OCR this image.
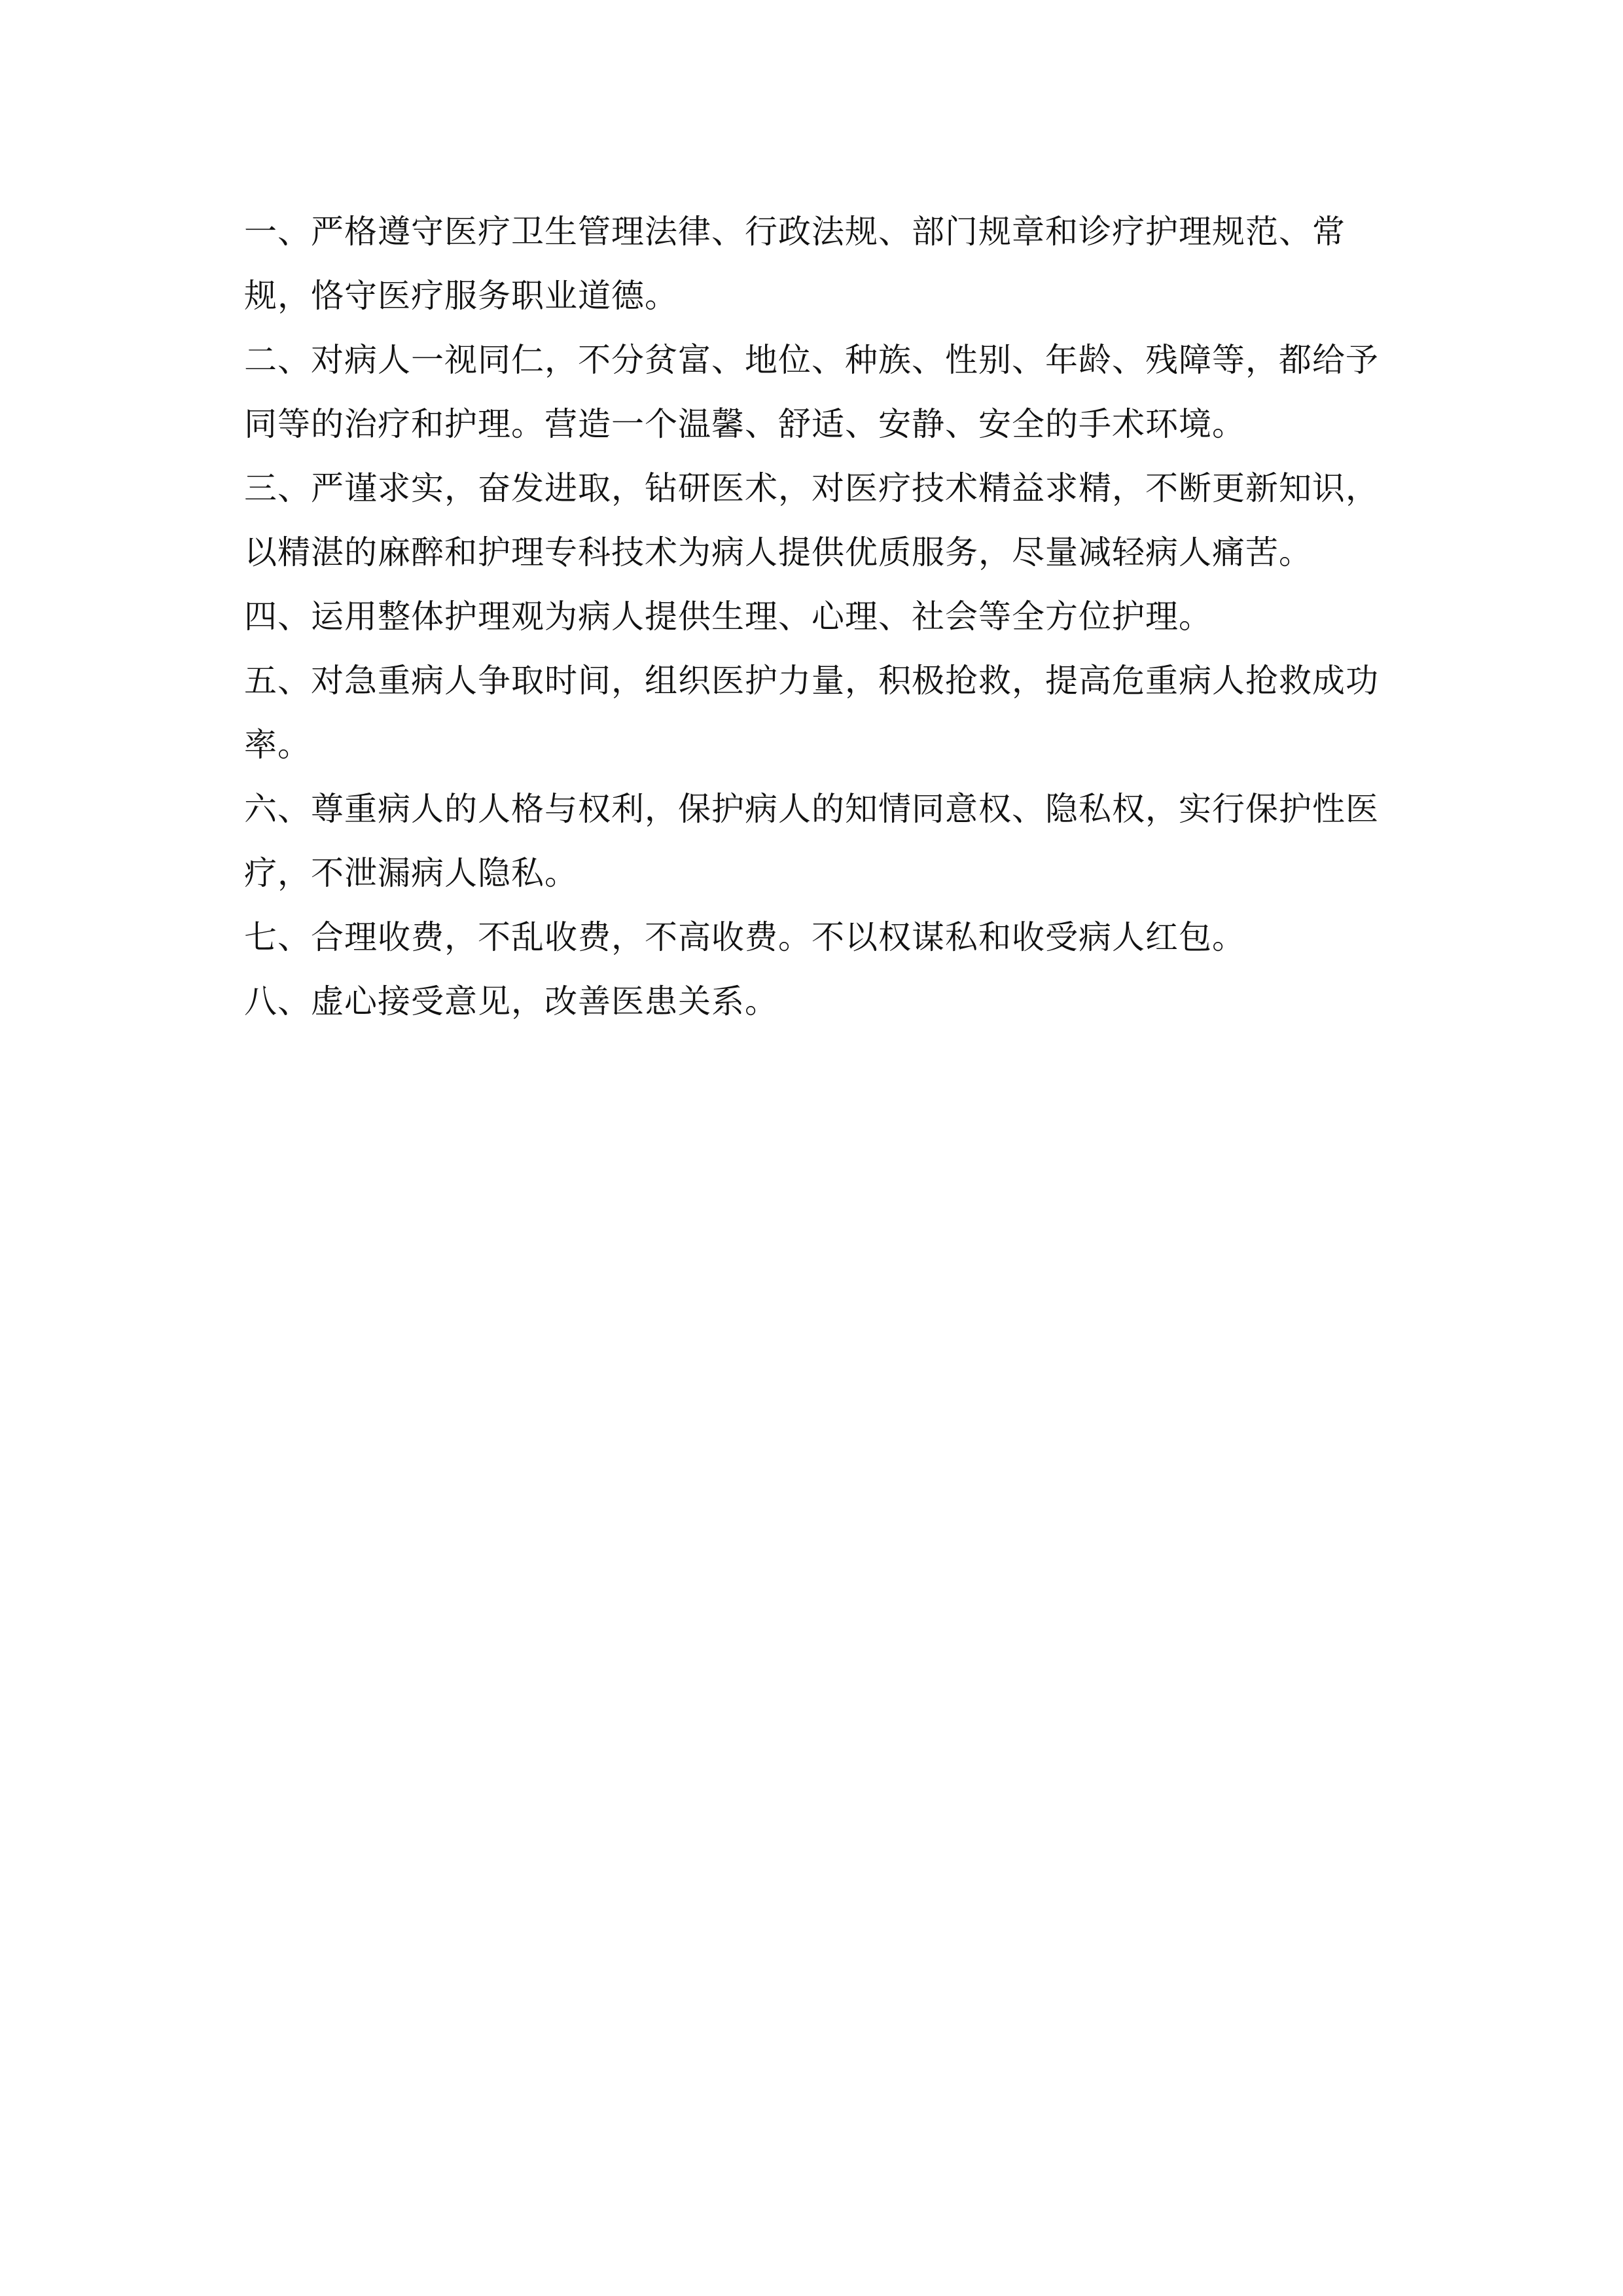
一、严格遵守医疗卫生管理法律、行政法规、部门规章和诊疗护理规范、常规，恪守医疗服务职业道德。

二、对病人一视同仁，不分贫富、地位、种族、性别、年龄、残障等，都给予同等的治疗和护理。营造一个温馨、舒适、安静、安全的手术环境。

三、严谨求实，奋发进取，钻研医术，对医疗技术精益求精，不断更新知识，以精湛的麻醉和护理专科技术为病人提供优质服务，尽量减轻病人痛苦。

四、运用整体护理观为病人提供生理、心理、社会等全方位护理。

五、对急重病人争取时间，组织医护力量，积极抢救，提高危重病人抢救成功率。

六、尊重病人的人格与权利，保护病人的知情同意权、隐私权，实行保护性医疗，不泄漏病人隐私。

七、合理收费，不乱收费，不高收费。不以权谋私和收受病人红包。

八、虚心接受意见，改善医患关系。
